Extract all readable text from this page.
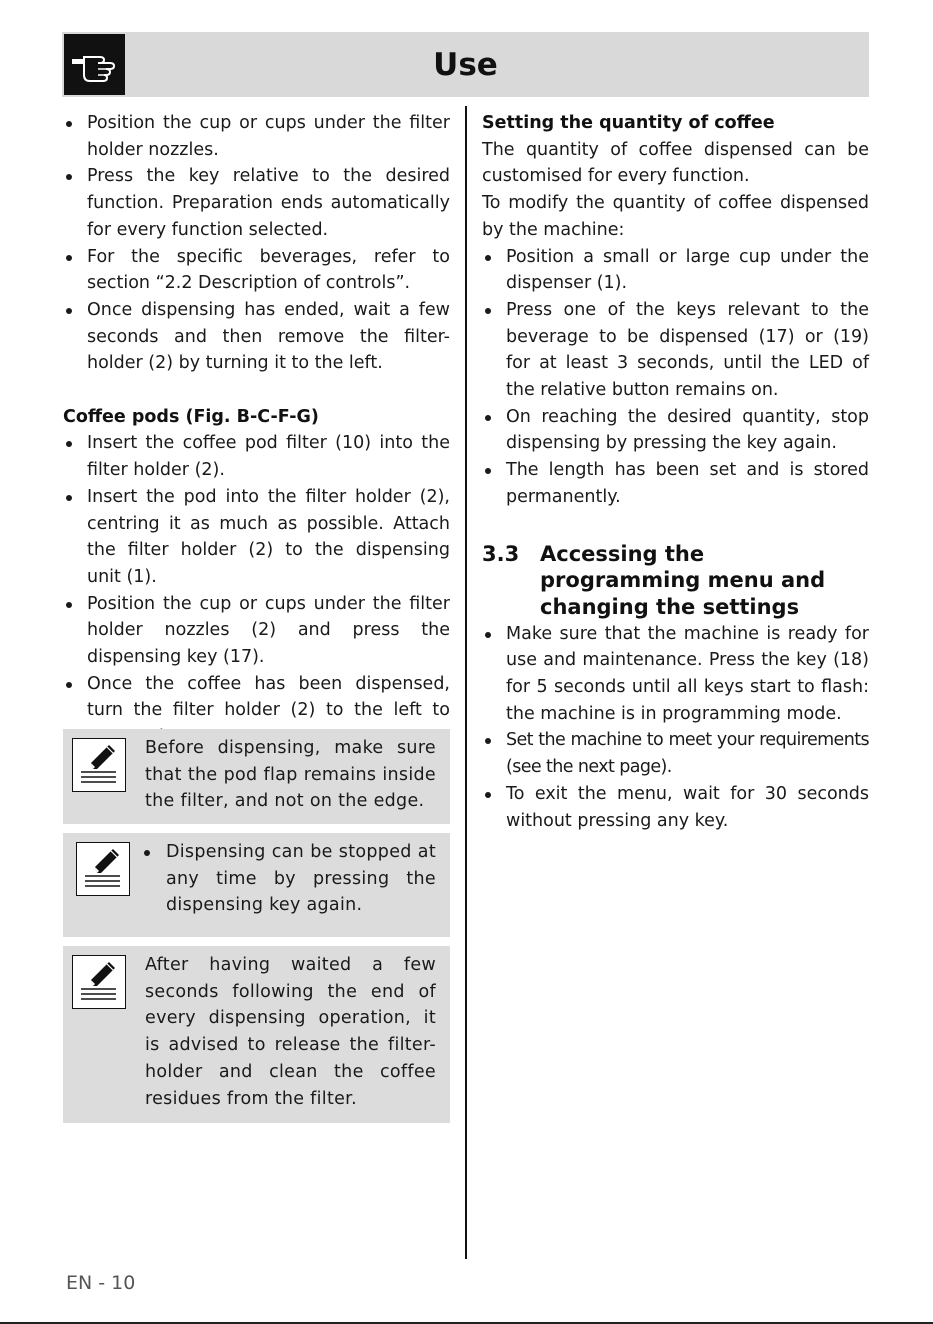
Use
Position the cup or cups under the filter holder nozzles.
Press the key relative to the desired function. Preparation ends automatically for every function selected.
For the specific beverages, refer to section “2.2 Description of controls”.
Once dispensing has ended, wait a few seconds and then remove the filter-holder (2) by turning it to the left.
Coffee pods (Fig. B-C-F-G)
Insert the coffee pod filter (10) into the filter holder (2).
Insert the pod into the filter holder (2), centring it as much as possible. Attach the filter holder (2) to the dispensing unit (1).
Position the cup or cups under the filter holder nozzles (2) and press the dispensing key (17).
Once the coffee has been dispensed, turn the filter holder (2) to the left to
Before dispensing, make sure that the pod flap remains inside the filter, and not on the edge.
Dispensing can be stopped at any time by pressing the dispensing key again.
After having waited a few seconds following the end of every dispensing operation, it is advised to release the filter-holder and clean the coffee residues from the filter.
Setting the quantity of coffee

The quantity of coffee dispensed can be customised for every function.

To modify the quantity of coffee dispensed by the machine:

Position a small or large cup under the dispenser (1).
Press one of the keys relevant to the beverage to be dispensed (17) or (19) for at least 3 seconds, until the LED of the relative button remains on.
On reaching the desired quantity, stop dispensing by pressing the key again.
The length has been set and is stored permanently.
3.3 Accessing the programming menu and changing the settings
Make sure that the machine is ready for use and maintenance. Press the key (18) for 5 seconds until all keys start to flash: the machine is in programming mode.
Set the machine to meet your requirements (see the next page).
To exit the menu, wait for 30 seconds without pressing any key.
EN - 10
